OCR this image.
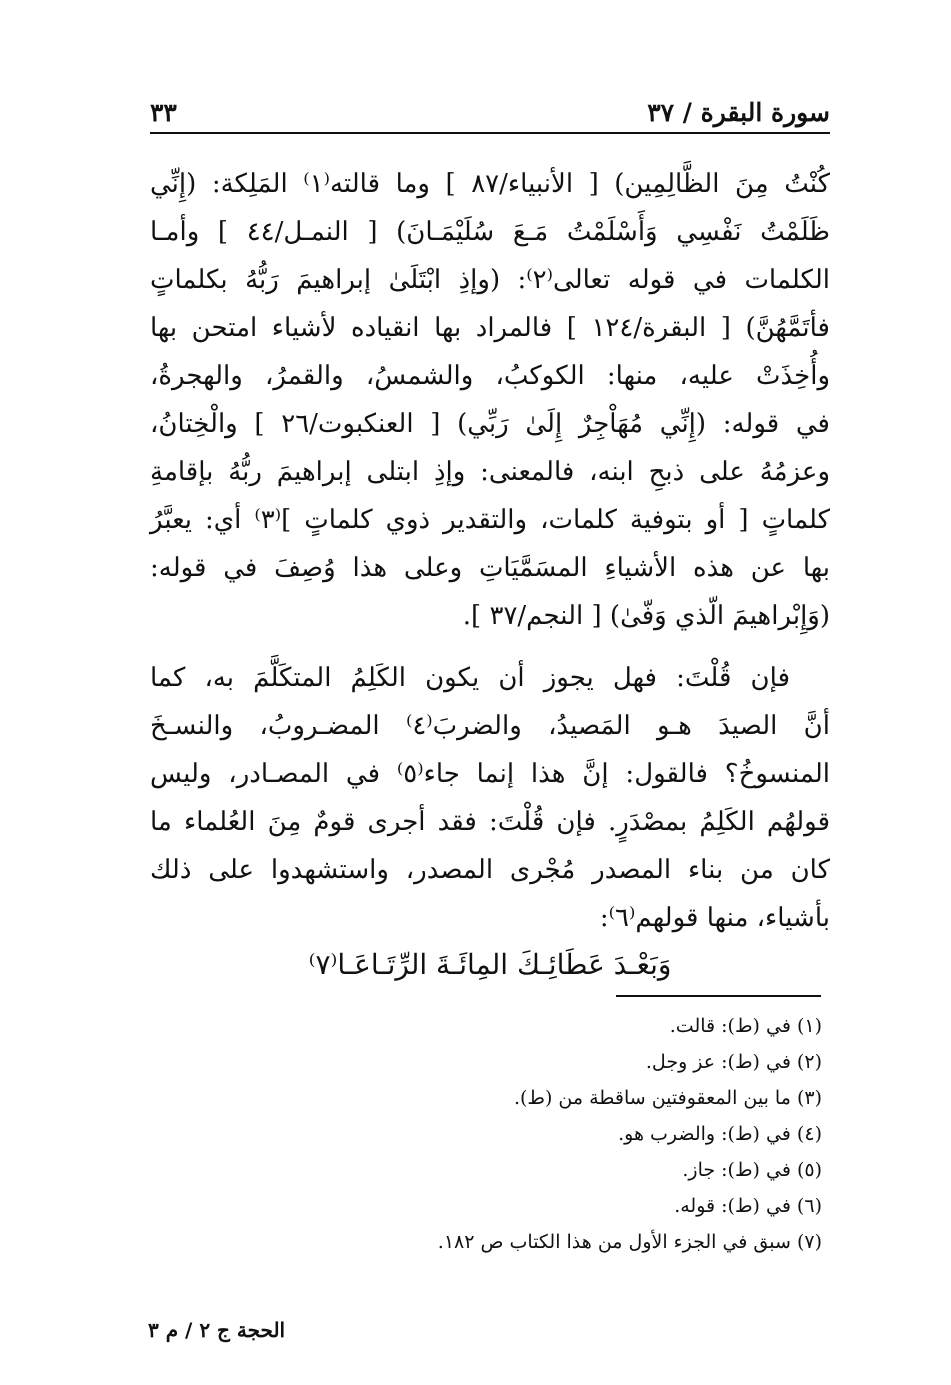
سورة البقرة / ٣٧
٣٣
كُنْتُ مِنَ الظَّالِمِين) [ الأنبياء/٨٧ ] وما قالته⁽١⁾ المَلِكة: (إِنِّي
ظَلَمْتُ نَفْسِي وَأَسْلَمْتُ مَـعَ سُلَيْمَـانَ) [ النمـل/٤٤ ] وأمـا
الكلمات في قوله تعالى⁽٢⁾: (وإذِ ابْتَلَىٰ إبراهيمَ رَبُّهُ بكلماتٍ
فأتَمَّهُنَّ) [ البقرة/١٢٤ ] فالمراد بها انقياده لأشياء امتحن بها
وأُخِذَتْ عليه، منها: الكوكبُ، والشمسُ، والقمرُ، والهجرةُ،
في قوله: (إِنِّي مُهَاْجِرٌ إِلَىٰ رَبِّي) [ العنكبوت/٢٦ ] والْخِتانُ،
وعزمُهُ على ذبحِ ابنه، فالمعنى: وإذِ ابتلى إبراهيمَ ربُّهُ بإقامةِ
كلماتٍ [ أو بتوفية كلمات، والتقدير ذوي كلماتٍ ]⁽٣⁾ أي: يعبَّرُ
بها عن هذه الأشياءِ المسَمَّيَاتِ وعلى هذا وُصِفَ في قوله:
(وَإِبْراهيمَ الّذي وَفّىٰ) [ النجم/٣٧ ].
فإن قُلْتَ: فهل يجوز أن يكون الكَلِمُ المتكَلَّمَ به، كما
أنَّ الصيدَ هـو المَصيدُ، والضربَ⁽٤⁾ المضـروبُ، والنسـخَ
المنسوخُ؟ فالقول: إنَّ هذا إنما جاء⁽٥⁾ في المصـادر، وليس
قولهُم الكَلِمُ بمصْدَرٍ. فإن قُلْتَ: فقد أجرى قومٌ مِنَ العُلماء ما
كان من بناء المصدر مُجْرى المصدر، واستشهدوا على ذلك
بأشياء، منها قولهم⁽٦⁾:
وَبَعْـدَ عَطَائِـكَ المِائَـةَ الرِّتَـاعَـا⁽٧⁾
(١) في (ط): قالت.
(٢) في (ط): عز وجل.
(٣) ما بين المعقوفتين ساقطة من (ط).
(٤) في (ط): والضرب هو.
(٥) في (ط): جاز.
(٦) في (ط): قوله.
(٧) سبق في الجزء الأول من هذا الكتاب ص ١٨٢.
الحجة ج ٢ / م ٣
